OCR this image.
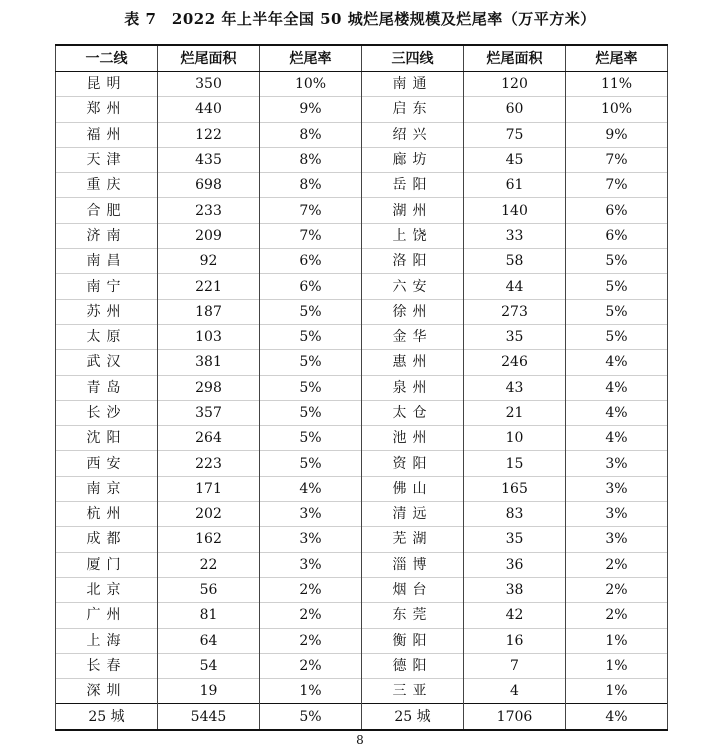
表 7　2022 年上半年全国 50 城烂尾楼规模及烂尾率（万平方米）
一二线	烂尾面积	烂尾率	三四线	烂尾面积	烂尾率
昆明	350	10%	南通	120	11%
郑州	440	9%	启东	60	10%
福州	122	8%	绍兴	75	9%
天津	435	8%	廊坊	45	7%
重庆	698	8%	岳阳	61	7%
合肥	233	7%	湖州	140	6%
济南	209	7%	上饶	33	6%
南昌	92	6%	洛阳	58	5%
南宁	221	6%	六安	44	5%
苏州	187	5%	徐州	273	5%
太原	103	5%	金华	35	5%
武汉	381	5%	惠州	246	4%
青岛	298	5%	泉州	43	4%
长沙	357	5%	太仓	21	4%
沈阳	264	5%	池州	10	4%
西安	223	5%	资阳	15	3%
南京	171	4%	佛山	165	3%
杭州	202	3%	清远	83	3%
成都	162	3%	芜湖	35	3%
厦门	22	3%	淄博	36	2%
北京	56	2%	烟台	38	2%
广州	81	2%	东莞	42	2%
上海	64	2%	衡阳	16	1%
长春	54	2%	德阳	7	1%
深圳	19	1%	三亚	4	1%
25 城	5445	5%	25 城	1706	4%
8
